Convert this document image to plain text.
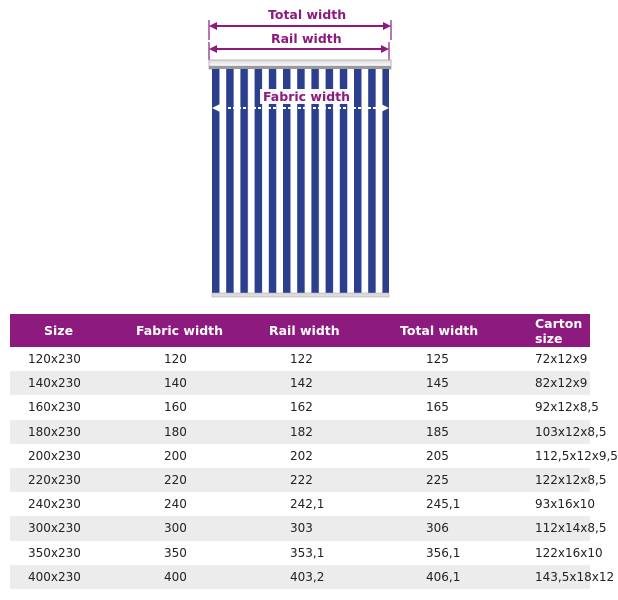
Total width
Rail width
Fabric width
Size	Fabric width	Rail width	Total width	Carton size
120x230	120	122	125	72x12x9
140x230	140	142	145	82x12x9
160x230	160	162	165	92x12x8,5
180x230	180	182	185	103x12x8,5
200x230	200	202	205	112,5x12x9,5
220x230	220	222	225	122x12x8,5
240x230	240	242,1	245,1	93x16x10
300x230	300	303	306	112x14x8,5
350x230	350	353,1	356,1	122x16x10
400x230	400	403,2	406,1	143,5x18x12
